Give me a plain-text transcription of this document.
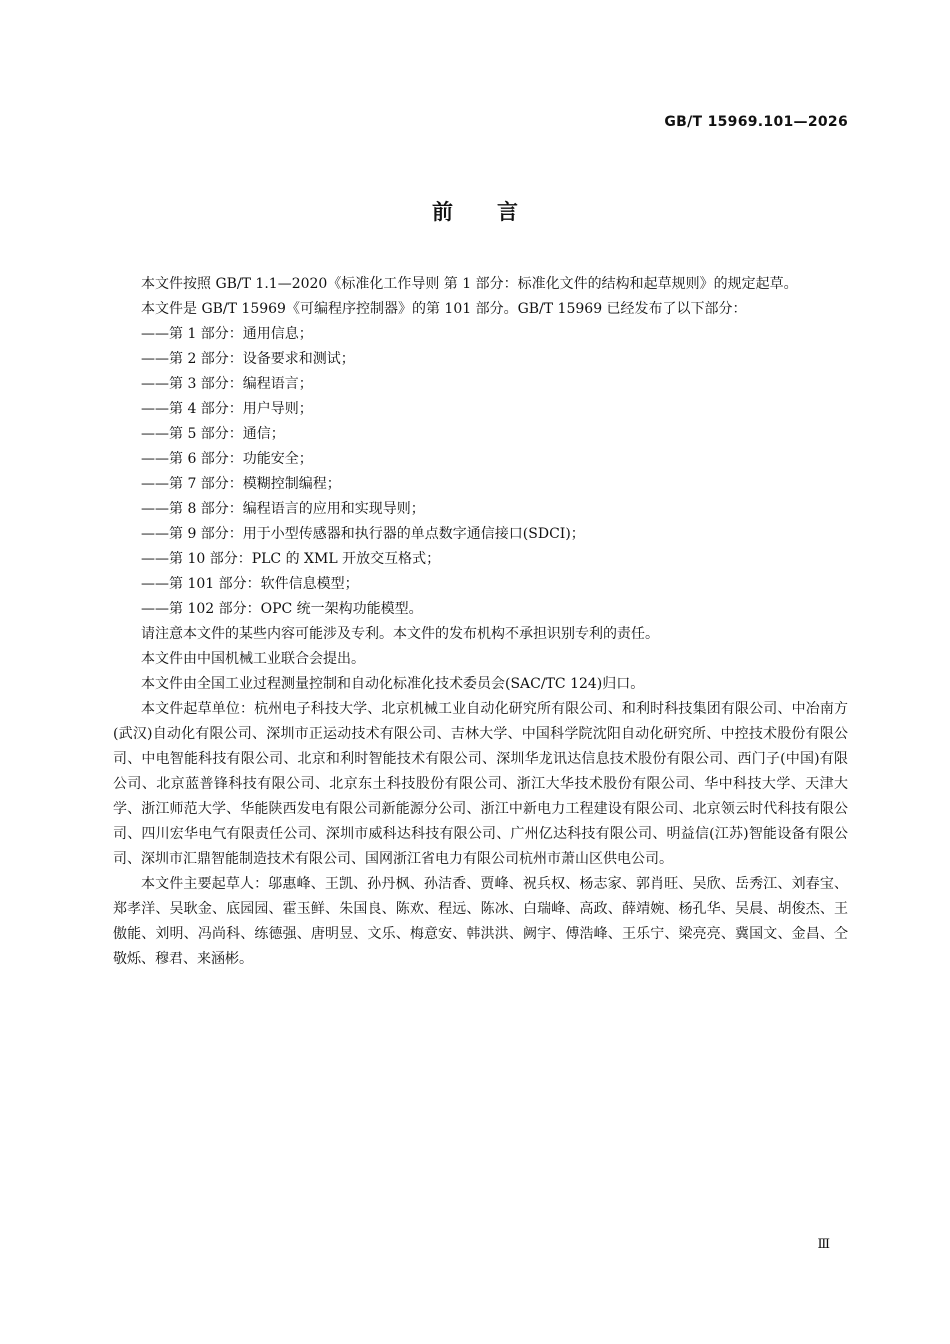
GB/T 15969.101—2026
前言

本文件按照 GB/T 1.1—2020《标准化工作导则 第 1 部分：标准化文件的结构和起草规则》的规定起草。

本文件是 GB/T 15969《可编程序控制器》的第 101 部分。GB/T 15969 已经发布了以下部分：

——第 1 部分：通用信息；
——第 2 部分：设备要求和测试；
——第 3 部分：编程语言；
——第 4 部分：用户导则；
——第 5 部分：通信；
——第 6 部分：功能安全；
——第 7 部分：模糊控制编程；
——第 8 部分：编程语言的应用和实现导则；
——第 9 部分：用于小型传感器和执行器的单点数字通信接口(SDCI)；
——第 10 部分：PLC 的 XML 开放交互格式；
——第 101 部分：软件信息模型；
——第 102 部分：OPC 统一架构功能模型。

请注意本文件的某些内容可能涉及专利。本文件的发布机构不承担识别专利的责任。

本文件由中国机械工业联合会提出。

本文件由全国工业过程测量控制和自动化标准化技术委员会(SAC/TC 124)归口。

本文件起草单位：杭州电子科技大学、北京机械工业自动化研究所有限公司、和利时科技集团有限公司、中冶南方(武汉)自动化有限公司、深圳市正运动技术有限公司、吉林大学、中国科学院沈阳自动化研究所、中控技术股份有限公司、中电智能科技有限公司、北京和利时智能技术有限公司、深圳华龙讯达信息技术股份有限公司、西门子(中国)有限公司、北京蓝普锋科技有限公司、北京东土科技股份有限公司、浙江大华技术股份有限公司、华中科技大学、天津大学、浙江师范大学、华能陕西发电有限公司新能源分公司、浙江中新电力工程建设有限公司、北京领云时代科技有限公司、四川宏华电气有限责任公司、深圳市威科达科技有限公司、广州亿达科技有限公司、明益信(江苏)智能设备有限公司、深圳市汇鼎智能制造技术有限公司、国网浙江省电力有限公司杭州市萧山区供电公司。

本文件主要起草人：邬惠峰、王凯、孙丹枫、孙洁香、贾峰、祝兵权、杨志家、郭肖旺、吴欣、岳秀江、刘春宝、郑孝洋、吴耿金、底园园、霍玉鲜、朱国良、陈欢、程远、陈冰、白瑞峰、高政、薛靖婉、杨孔华、吴晨、胡俊杰、王傲能、刘明、冯尚科、练德强、唐明昱、文乐、梅意安、韩洪洪、阙宇、傅浩峰、王乐宁、梁亮亮、冀国文、金昌、仝敬烁、穆君、来涵彬。

Ⅲ
